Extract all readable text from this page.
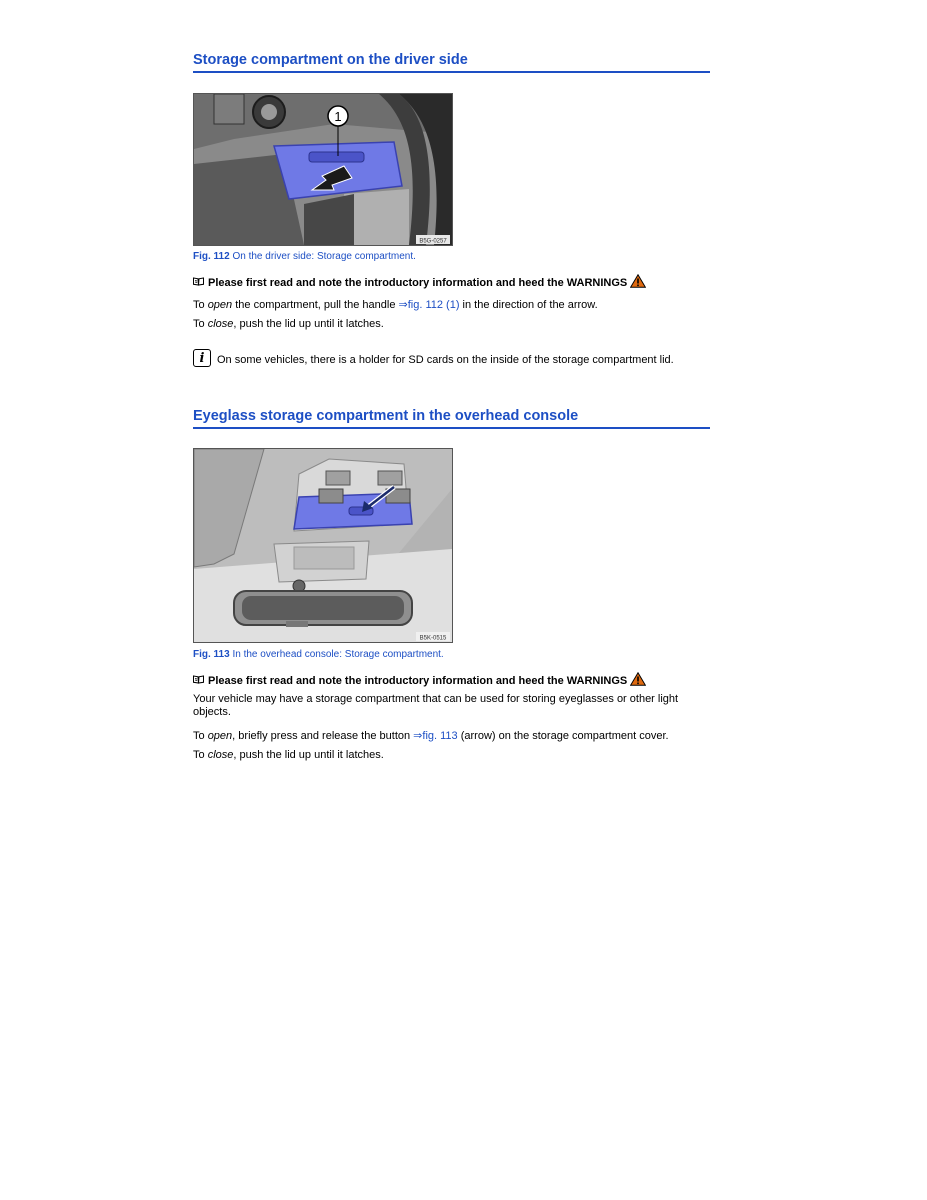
Storage compartment on the driver side
1
B5G-0257
Fig. 112 On the driver side: Storage compartment.
Please first read and note the introductory information and heed the WARNINGS

To open the compartment, pull the handle ⇒fig. 112 (1) in the direction of the arrow.

To close, push the lid up until it latches.

i	On some vehicles, there is a holder for SD cards on the inside of the storage compartment lid.
Eyeglass storage compartment in the overhead console
B5K-0515
Fig. 113 In the overhead console: Storage compartment.
Please first read and note the introductory information and heed the WARNINGS

Your vehicle may have a storage compartment that can be used for storing eyeglasses or other light objects.

To open, briefly press and release the button ⇒fig. 113 (arrow) on the storage compartment cover.

To close, push the lid up until it latches.
